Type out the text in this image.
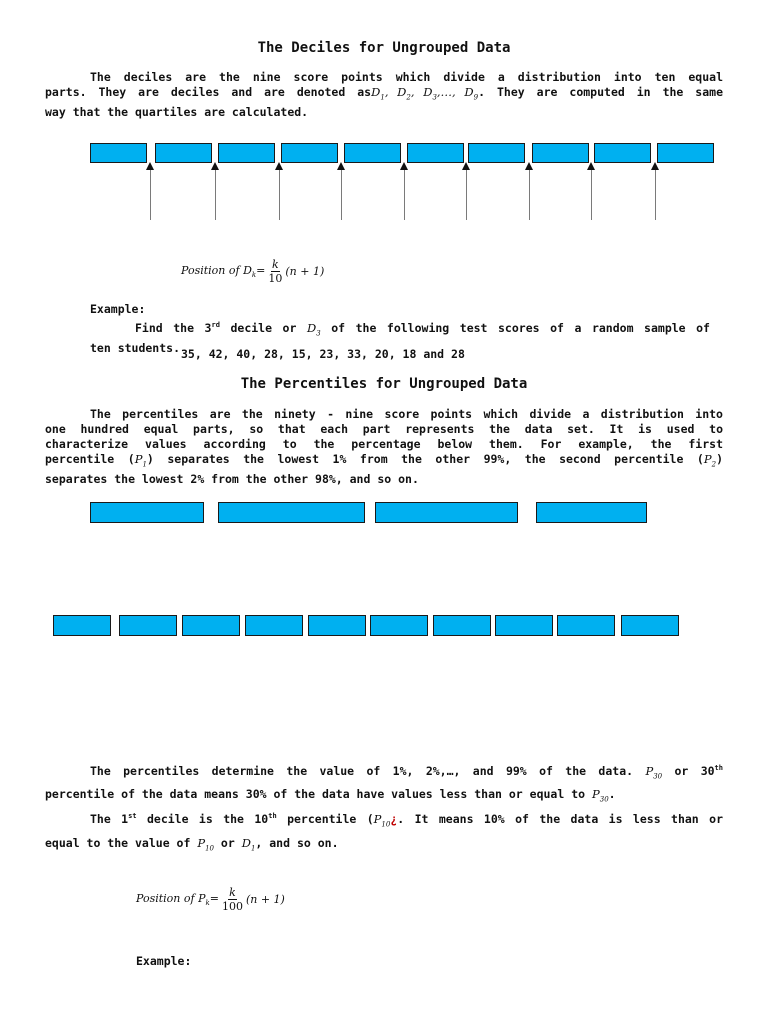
The Deciles for Ungrouped Data
The deciles are the nine score points which divide a distribution into ten equal
parts. They are deciles and are denoted asD$_1$, $D_2$, $D_3,\dots$, $D_9$. They are computed in the same
way that the quartiles are calculated.
Position of $D_k= \frac{k}{10} (n + 1)$
Example:
Find the 3rd decile or $D_3$ of the following test scores of a random sample of
ten students. 35, 42, 40, 28, 15, 23, 33, 20, 18 and 28
The Percentiles for Ungrouped Data
The percentiles are the ninety - nine score points which divide a distribution into
one hundred equal parts, so that each part represents the data set. It is used to
characterize values according to the percentage below them. For example, the first
percentile $(P_1)$ separates the lowest 1% from the other 99%, the second percentile $(P_2)$
separates the lowest 2% from the other 98%, and so on.
The percentiles determine the value of 1%, 2%,…, and 99% of the data. $P_{30}$ or 30th
percentile of the data means 30% of the data have values less than or equal to $P_{30}$.
The 1st decile is the 10th percentile ($P_{10}¿$. It means 10% of the data is less than or
equal to the value of $P_{10}$ or $D_1$, and so on.
Position of $P_k= \frac{k}{100} (n + 1)$
Example:
